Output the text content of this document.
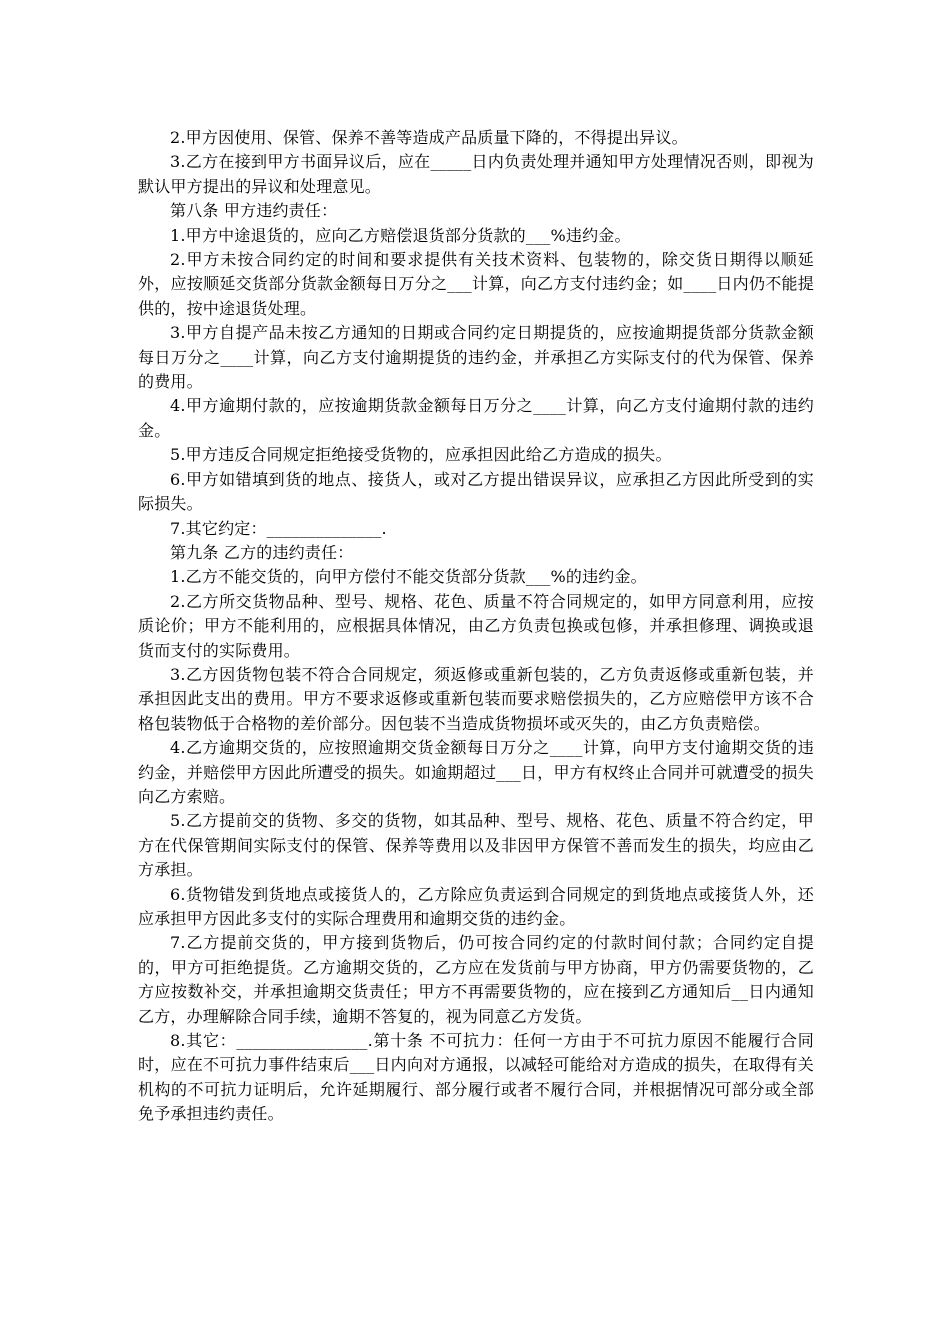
2.甲方因使用、保管、保养不善等造成产品质量下降的，不得提出异议。

3.乙方在接到甲方书面异议后，应在_____日内负责处理并通知甲方处理情况否则，即视为默认甲方提出的异议和处理意见。

第八条 甲方违约责任：

1.甲方中途退货的，应向乙方赔偿退货部分货款的___%违约金。

2.甲方未按合同约定的时间和要求提供有关技术资料、包装物的，除交货日期得以顺延外，应按顺延交货部分货款金额每日万分之___计算，向乙方支付违约金；如____日内仍不能提供的，按中途退货处理。

3.甲方自提产品未按乙方通知的日期或合同约定日期提货的，应按逾期提货部分货款金额每日万分之____计算，向乙方支付逾期提货的违约金，并承担乙方实际支付的代为保管、保养的费用。

4.甲方逾期付款的，应按逾期货款金额每日万分之____计算，向乙方支付逾期付款的违约金。

5.甲方违反合同规定拒绝接受货物的，应承担因此给乙方造成的损失。

6.甲方如错填到货的地点、接货人，或对乙方提出错误异议，应承担乙方因此所受到的实际损失。

7.其它约定：______________.

第九条 乙方的违约责任：

1.乙方不能交货的，向甲方偿付不能交货部分货款___%的违约金。

2.乙方所交货物品种、型号、规格、花色、质量不符合同规定的，如甲方同意利用，应按质论价；甲方不能利用的，应根据具体情况，由乙方负责包换或包修，并承担修理、调换或退货而支付的实际费用。

3.乙方因货物包装不符合合同规定，须返修或重新包装的，乙方负责返修或重新包装，并承担因此支出的费用。甲方不要求返修或重新包装而要求赔偿损失的，乙方应赔偿甲方该不合格包装物低于合格物的差价部分。因包装不当造成货物损坏或灭失的，由乙方负责赔偿。

4.乙方逾期交货的，应按照逾期交货金额每日万分之____计算，向甲方支付逾期交货的违约金，并赔偿甲方因此所遭受的损失。如逾期超过___日，甲方有权终止合同并可就遭受的损失向乙方索赔。

5.乙方提前交的货物、多交的货物，如其品种、型号、规格、花色、质量不符合约定，甲方在代保管期间实际支付的保管、保养等费用以及非因甲方保管不善而发生的损失，均应由乙方承担。

6.货物错发到货地点或接货人的，乙方除应负责运到合同规定的到货地点或接货人外，还应承担甲方因此多支付的实际合理费用和逾期交货的违约金。

7.乙方提前交货的，甲方接到货物后，仍可按合同约定的付款时间付款；合同约定自提的，甲方可拒绝提货。乙方逾期交货的，乙方应在发货前与甲方协商，甲方仍需要货物的，乙方应按数补交，并承担逾期交货责任；甲方不再需要货物的，应在接到乙方通知后__日内通知乙方，办理解除合同手续，逾期不答复的，视为同意乙方发货。

8.其它：________________.第十条 不可抗力：任何一方由于不可抗力原因不能履行合同时，应在不可抗力事件结束后___日内向对方通报，以减轻可能给对方造成的损失，在取得有关机构的不可抗力证明后，允许延期履行、部分履行或者不履行合同，并根据情况可部分或全部免予承担违约责任。
